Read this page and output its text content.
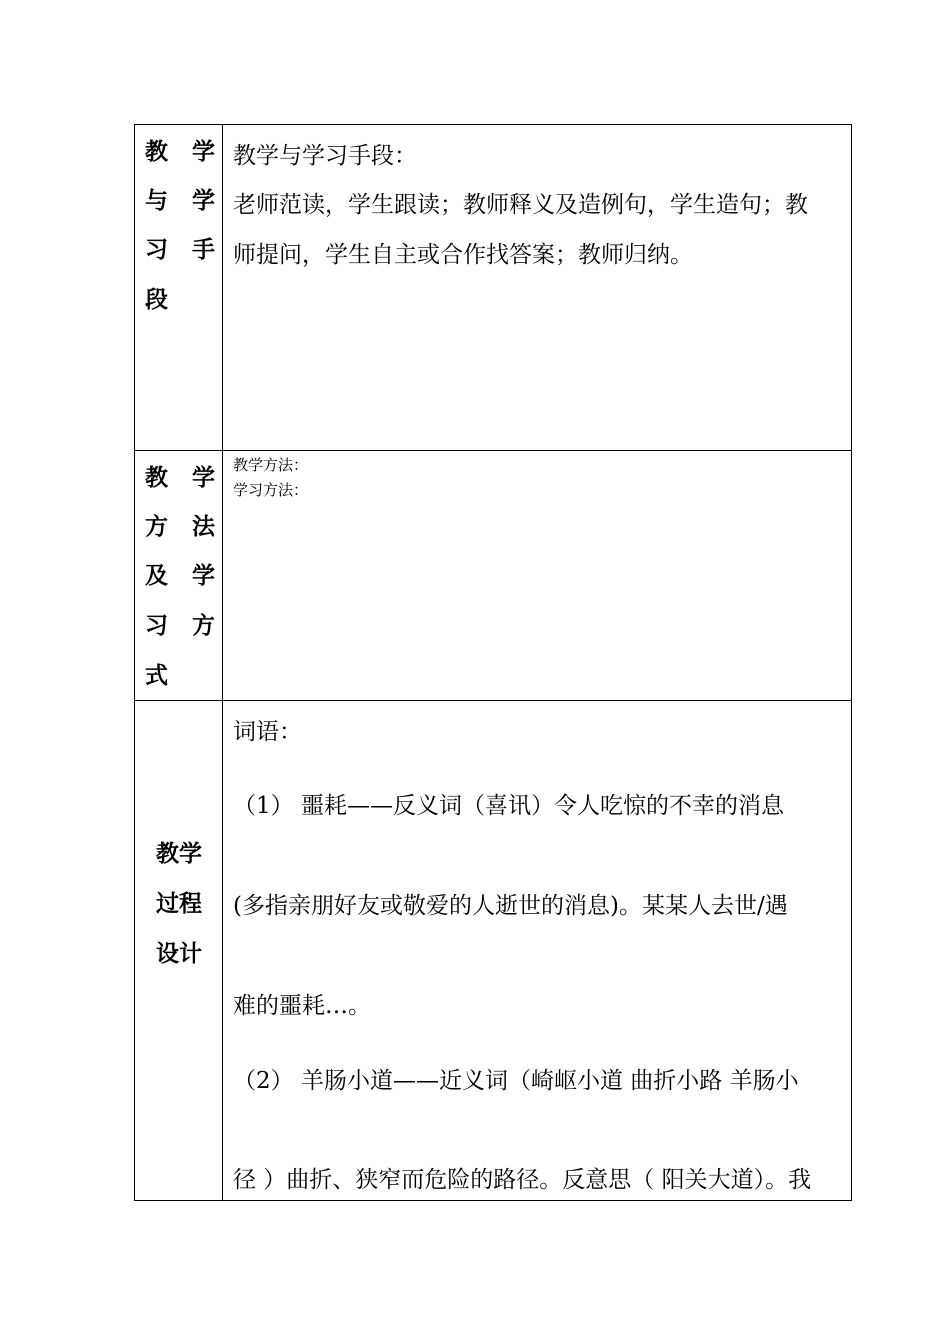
教 学
与 学
习 手
段
教学与学习手段：
老师范读，学生跟读；教师释义及造例句，学生造句；教
师提问，学生自主或合作找答案；教师归纳。
教 学
方 法
及 学
习 方
式
教学方法：
学习方法：
教学
过程
设计
词语：
（1） 噩耗——反义词（喜讯）令人吃惊的不幸的消息
(多指亲朋好友或敬爱的人逝世的消息)。某某人去世/遇
难的噩耗…。
（2） 羊肠小道——近义词（崎岖小道 曲折小路 羊肠小
径 ）曲折、狭窄而危险的路径。反意思（ 阳关大道）。我
